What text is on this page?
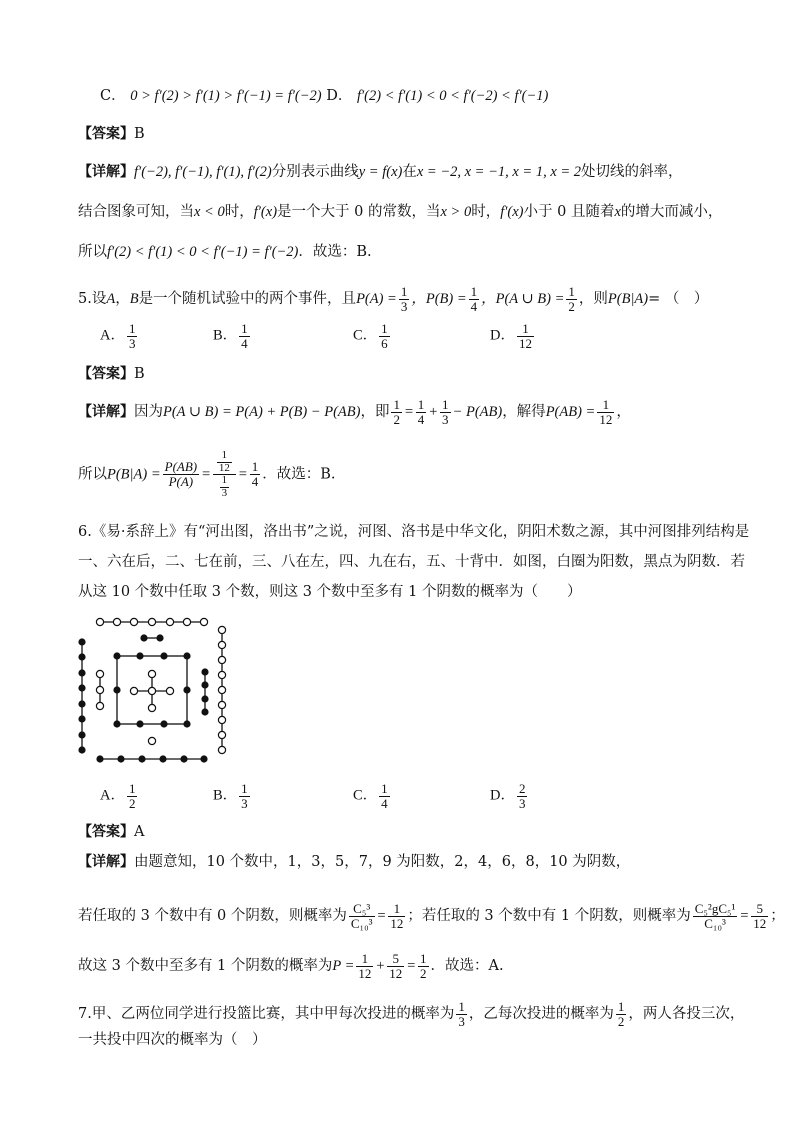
C． 0 > f′(2) > f′(1) > f′(−1) = f′(−2) D． f′(2) < f′(1) < 0 < f′(−2) < f′(−1)
【答案】B
【详解】f′(−2), f′(−1), f′(1), f′(2)分别表示曲线y = f(x)在x = −2, x = −1, x = 1, x = 2处切线的斜率，
结合图象可知，当x < 0时，f′(x)是一个大于 0 的常数，当x > 0时，f′(x)小于 0 且随着x的增大而减小，
所以f′(2) < f′(1) < 0 < f′(−1) = f′(−2)．故选：B.
5.设A，B是一个随机试验中的两个事件，且$P(A) = \frac{1}{3}$ ，$P(B) = \frac{1}{4}$ ，P(A ∪ $B) = \frac{1}{2}$ ，则P(B|A)= （　）
A． $\frac{1}{3}$	B． $\frac{1}{4}$	C． $\frac{1}{6}$	D． $\frac{1}{12}$
【答案】B
【详解】因为P(A ∪ B) = P(A) + P(B) − P(AB)，即 $\frac{1}{2} = \frac{1}{4} + \frac{1}{3} - P(AB)$，解得$P(AB) = \frac{1}{12}$ ，
所以$P(B|A) = \frac{P(AB)}{P(A)} = \frac{\frac{1}{12}}{\frac{1}{3}} = \frac{1}{4}$ ．故选：B.
6.《易·系辞上》有“河出图，洛出书”之说，河图、洛书是中华文化，阴阳术数之源，其中河图排列结构是
一、六在后，二、七在前，三、八在左，四、九在右，五、十背中．如图，白圈为阳数，黑点为阴数．若
从这 10 个数中任取 3 个数，则这 3 个数中至多有 1 个阴数的概率为（　　）
A． $\frac{1}{2}$	B． $\frac{1}{3}$	C． $\frac{1}{4}$	D． $\frac{2}{3}$
【答案】A
【详解】由题意知，10 个数中，1，3，5，7，9 为阳数，2，4，6，8，10 为阴数，
若任取的 3 个数中有 0 个阴数，则概率为 $\frac{\text{C₅³}}{\text{C₁₀³}} = \frac{1}{12}$ ；若任取的 3 个数中有 1 个阴数，则概率为 $\frac{\text{C₅²gC₅¹}}{\text{C₁₀³}} = \frac{5}{12}$ ；
故这 3 个数中至多有 1 个阴数的概率为$P = \frac{1}{12} + \frac{5}{12} = \frac{1}{2}$ ．故选：A.
7.甲、乙两位同学进行投篮比赛，其中甲每次投进的概率为 $\frac{1}{3}$ ，乙每次投进的概率为 $\frac{1}{2}$ ，两人各投三次，
一共投中四次的概率为（　）
